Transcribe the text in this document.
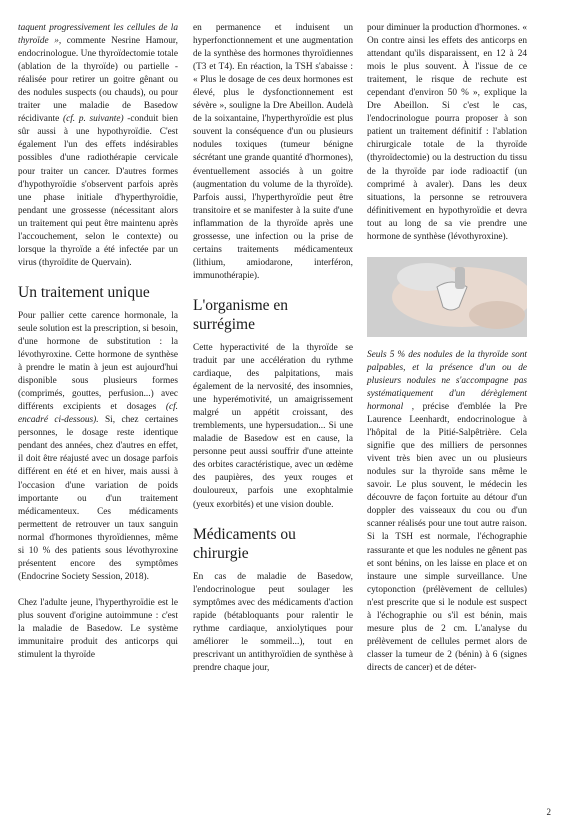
taquent progressivement les cellules de la thyroïde », commente Nesrine Hamour, endocrinologue. Une thyroïdectomie totale (ablation de la thyroïde) ou partielle - réalisée pour retirer un goitre gênant ou des nodules suspects (ou chauds), ou pour traiter une maladie de Basedow récidivante (cf. p. suivante) -conduit bien sûr aussi à une hypothyroïdie. C'est également l'un des effets indésirables possibles d'une radiothérapie cervicale pour traiter un cancer. D'autres formes d'hypothyroïdie s'observent parfois après une phase initiale d'hyperthyroïdie, pendant une grossesse (nécessitant alors un traitement qui peut être maintenu après l'accouchement, selon le contexte) ou lorsque la thyroïde a été infectée par un virus (thyroïdite de Quervain).

Un traitement unique

Pour pallier cette carence hormonale, la seule solution est la prescription, si besoin, d'une hormone de substitution : la lévothyroxine. Cette hormone de synthèse à prendre le matin à jeun est aujourd'hui disponible sous plusieurs formes (comprimés, gouttes, perfusion...) avec différents excipients et dosages (cf. encadré ci-dessous). Si, chez certaines personnes, le dosage reste identique pendant des années, chez d'autres en effet, il doit être réajusté avec un dosage parfois différent en été et en hiver, mais aussi à l'occasion d'une variation de poids importante ou d'un traitement médicamenteux. Ces médicaments permettent de retrouver un taux sanguin normal d'hormones thyroïdiennes, même si 10 % des patients sous lévothyroxine présentent encore des symptômes (Endocrine Society Session, 2018).

Chez l'adulte jeune, l'hyperthyroïdie est le plus souvent d'origine autoimmune : c'est la maladie de Basedow. Le système immunitaire produit des anticorps qui stimulent la thyroïde

en permanence et induisent un hyperfonctionnement et une augmentation de la synthèse des hormones thyroïdiennes (T3 et T4). En réaction, la TSH s'abaisse : « Plus le dosage de ces deux hormones est élevé, plus le dysfonctionnement est sévère », souligne la Dre Abeillon. Audelà de la soixantaine, l'hyperthyroïdie est plus souvent la conséquence d'un ou plusieurs nodules toxiques (tumeur bénigne sécrétant une grande quantité d'hormones), éventuellement associés à un goitre (augmentation du volume de la thyroïde). Parfois aussi, l'hyperthyroïdie peut être transitoire et se manifester à la suite d'une inflammation de la thyroïde après une grossesse, une infection ou la prise de certains traitements médicamenteux (lithium, amiodarone, interféron, immunothérapie).

L'organisme en surrégime

Cette hyperactivité de la thyroïde se traduit par une accélération du rythme cardiaque, des palpitations, mais également de la nervosité, des insomnies, une hyperémotivité, un amaigrissement malgré un appétit croissant, des tremblements, une hypersudation... Si une maladie de Basedow est en cause, la personne peut aussi souffrir d'une atteinte des orbites caractéristique, avec un œdème des paupières, des yeux rouges et douloureux, parfois une exophtalmie (yeux exorbités) et une vision double.

Médicaments ou chirurgie

En cas de maladie de Basedow, l'endocrinologue peut soulager les symptômes avec des médicaments d'action rapide (bétabloquants pour ralentir le rythme cardiaque, anxiolytiques pour améliorer le sommeil...), tout en prescrivant un antithyroïdien de synthèse à prendre chaque jour,

pour diminuer la production d'hormones. « On contre ainsi les effets des anticorps en attendant qu'ils disparaissent, en 12 à 24 mois le plus souvent. À l'issue de ce traitement, le risque de rechute est cependant d'environ 50 % », explique la Dre Abeillon. Si c'est le cas, l'endocrinologue pourra proposer à son patient un traitement définitif : l'ablation chirurgicale totale de la thyroïde (thyroïdectomie) ou la destruction du tissu de la thyroïde par iode radioactif (un comprimé à avaler). Dans les deux situations, la personne se retrouvera définitivement en hypothyroïdie et devra tout au long de sa vie prendre une hormone de synthèse (lévothyroxine).

Seuls 5 % des nodules de la thyroïde sont palpables, et la présence d'un ou de plusieurs nodules ne s'accompagne pas systématiquement d'un dérèglement hormonal , précise d'emblée la Pre Laurence Leenhardt, endocrinologue à l'hôpital de la Pitié-Salpêtrière. Cela signifie que des milliers de personnes vivent très bien avec un ou plusieurs nodules sur la thyroïde sans même le savoir. Le plus souvent, le médecin les découvre de façon fortuite au détour d'un doppler des vaisseaux du cou ou d'un scanner réalisés pour une tout autre raison. Si la TSH est normale, l'échographie rassurante et que les nodules ne gênent pas et sont bénins, on les laisse en place et on instaure une simple surveillance. Une cytoponction (prélèvement de cellules) n'est prescrite que si le nodule est suspect à l'échographie ou s'il est bénin, mais mesure plus de 2 cm. L'analyse du prélèvement de cellules permet alors de classer la tumeur de 2 (bénin) à 6 (signes directs de cancer) et de déter-

2
